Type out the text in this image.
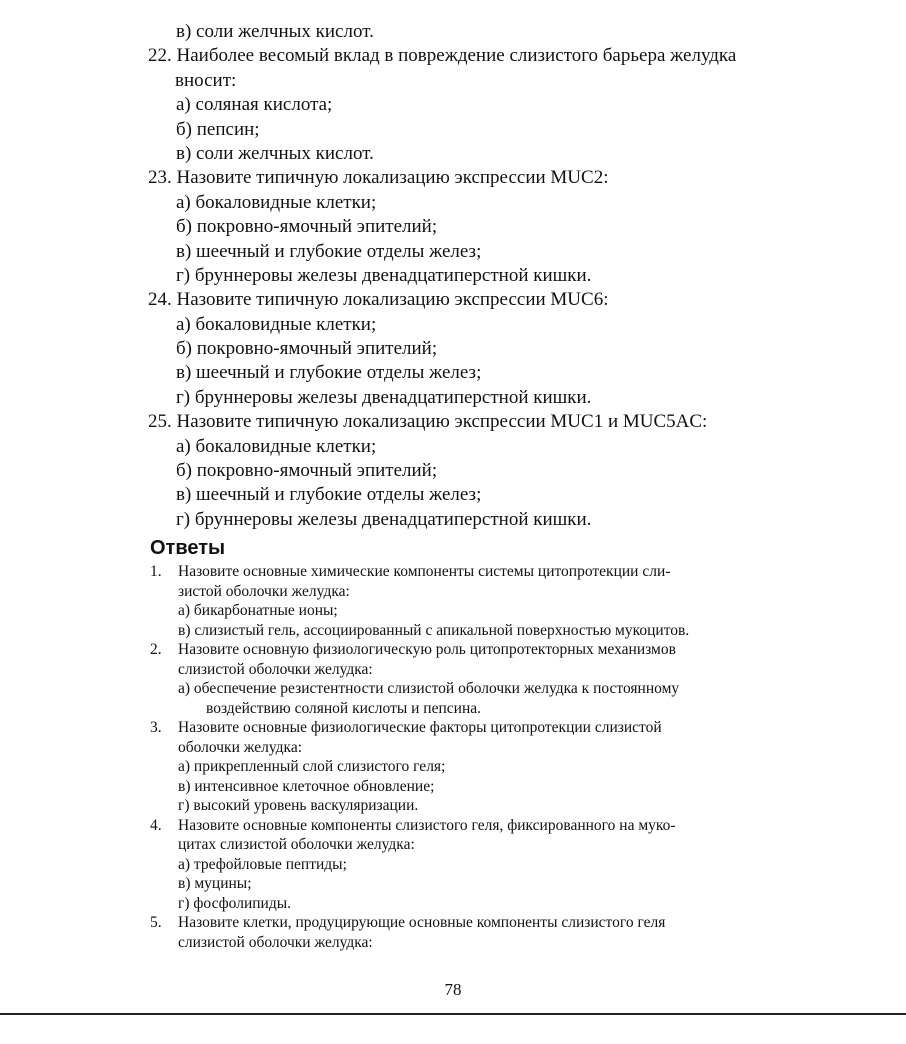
в) соли желчных кислот.
22. Наиболее весомый вклад в повреждение слизистого барьера желудка
вносит:
а) соляная кислота;
б) пепсин;
в) соли желчных кислот.
23. Назовите типичную локализацию экспрессии MUC2:
а) бокаловидные клетки;
б) покровно-ямочный эпителий;
в) шеечный и глубокие отделы желез;
г) бруннеровы железы двенадцатиперстной кишки.
24. Назовите типичную локализацию экспрессии MUC6:
а) бокаловидные клетки;
б) покровно-ямочный эпителий;
в) шеечный и глубокие отделы желез;
г) бруннеровы железы двенадцатиперстной кишки.
25. Назовите типичную локализацию экспрессии MUC1 и MUC5AC:
а) бокаловидные клетки;
б) покровно-ямочный эпителий;
в) шеечный и глубокие отделы желез;
г) бруннеровы железы двенадцатиперстной кишки.
Ответы
1. Назовите основные химические компоненты системы цитопротекции сли-
зистой оболочки желудка:
а) бикарбонатные ионы;
в) слизистый гель, ассоциированный с апикальной поверхностью мукоцитов.
2. Назовите основную физиологическую роль цитопротекторных механизмов
слизистой оболочки желудка:
а) обеспечение резистентности слизистой оболочки желудка к постоянному
воздействию соляной кислоты и пепсина.
3. Назовите основные физиологические факторы цитопротекции слизистой
оболочки желудка:
а) прикрепленный слой слизистого геля;
в) интенсивное клеточное обновление;
г) высокий уровень васкуляризации.
4. Назовите основные компоненты слизистого геля, фиксированного на муко-
цитах слизистой оболочки желудка:
а) трефойловые пептиды;
в) муцины;
г) фосфолипиды.
5. Назовите клетки, продуцирующие основные компоненты слизистого геля
слизистой оболочки желудка:
78
